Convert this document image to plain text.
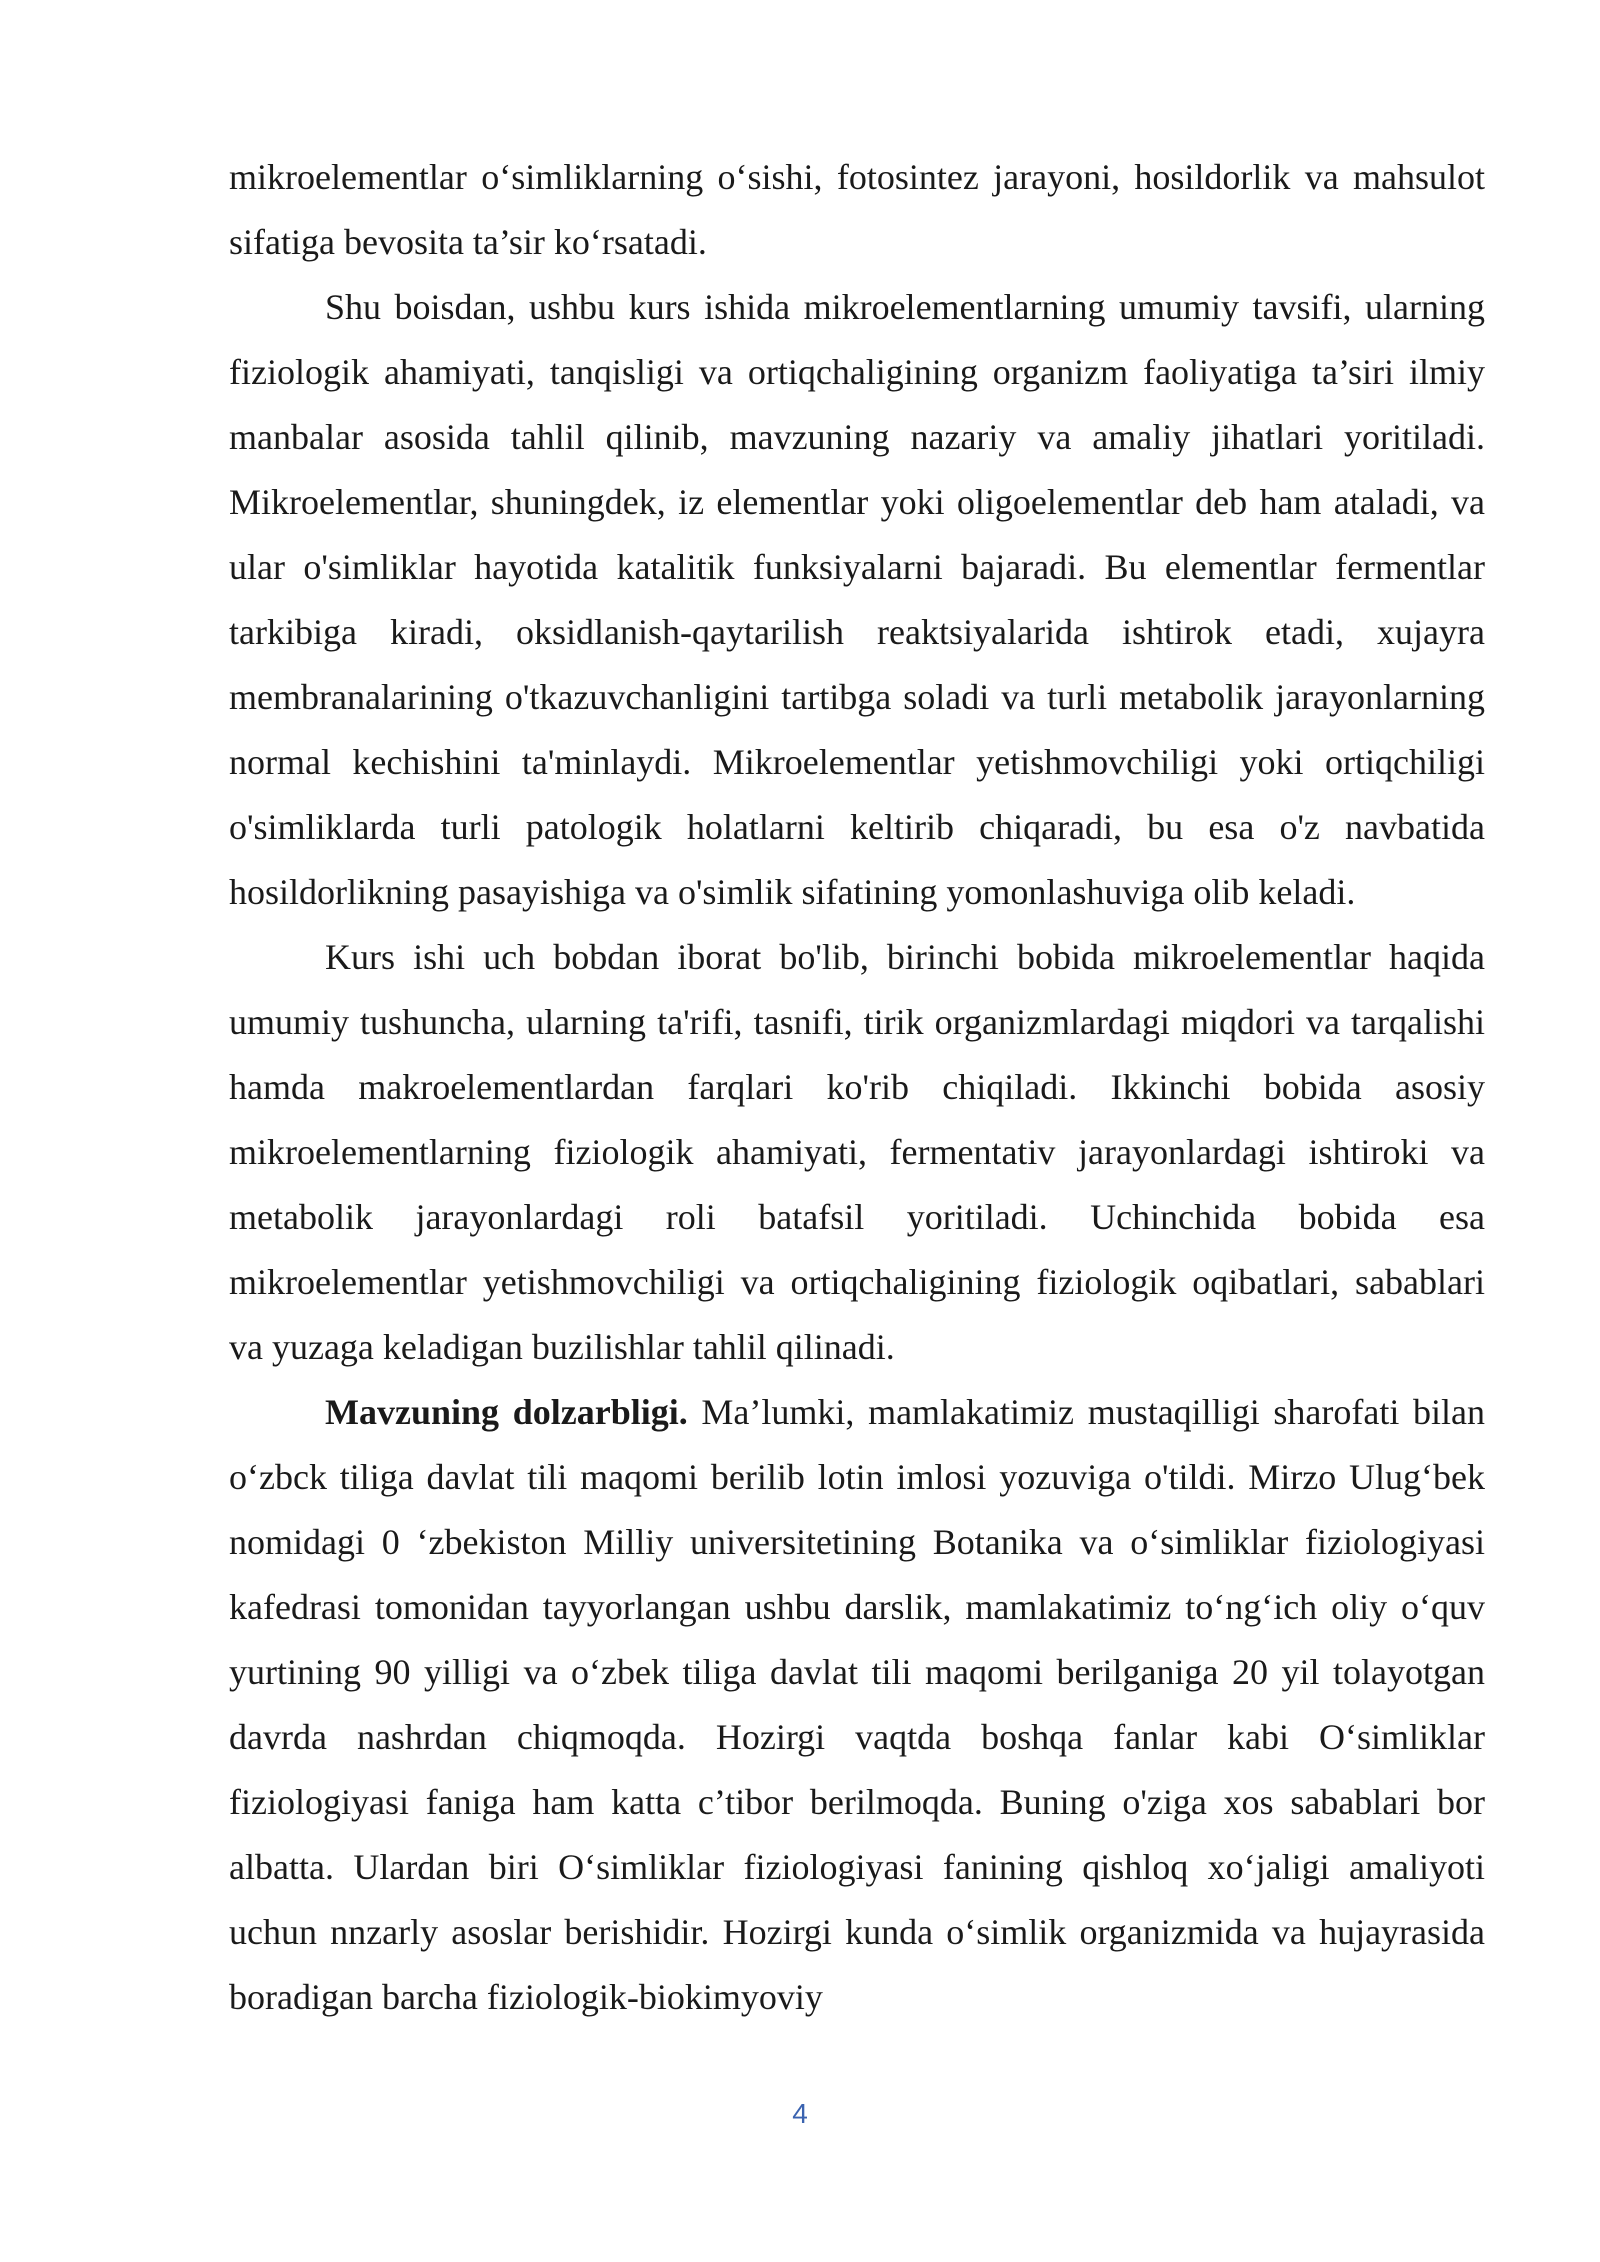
mikroelementlar o‘simliklarning o‘sishi, fotosintez jarayoni, hosildorlik va mahsulot sifatiga bevosita ta’sir ko‘rsatadi.

Shu boisdan, ushbu kurs ishida mikroelementlarning umumiy tavsifi, ularning fiziologik ahamiyati, tanqisligi va ortiqchaligining organizm faoliyatiga ta’siri ilmiy manbalar asosida tahlil qilinib, mavzuning nazariy va amaliy jihatlari yoritiladi. Mikroelementlar, shuningdek, iz elementlar yoki oligoelementlar deb ham ataladi, va ular o'simliklar hayotida katalitik funksiyalarni bajaradi. Bu elementlar fermentlar tarkibiga kiradi, oksidlanish-qaytarilish reaktsiyalarida ishtirok etadi, xujayra membranalarining o'tkazuvchanligini tartibga soladi va turli metabolik jarayonlarning normal kechishini ta'minlaydi. Mikroelementlar yetishmovchiligi yoki ortiqchiligi o'simliklarda turli patologik holatlarni keltirib chiqaradi, bu esa o'z navbatida hosildorlikning pasayishiga va o'simlik sifatining yomonlashuviga olib keladi.

Kurs ishi uch bobdan iborat bo'lib, birinchi bobida mikroelementlar haqida umumiy tushuncha, ularning ta'rifi, tasnifi, tirik organizmlardagi miqdori va tarqalishi hamda makroelementlardan farqlari ko'rib chiqiladi. Ikkinchi bobida asosiy mikroelementlarning fiziologik ahamiyati, fermentativ jarayonlardagi ishtiroki va metabolik jarayonlardagi roli batafsil yoritiladi. Uchinchida bobida esa mikroelementlar yetishmovchiligi va ortiqchaligining fiziologik oqibatlari, sabablari va yuzaga keladigan buzilishlar tahlil qilinadi.

Mavzuning dolzarbligi. Ma’lumki, mamlakatimiz mustaqilligi sharofati bilan o‘zbck tiliga davlat tili maqomi berilib lotin imlosi yozuviga o'tildi. Mirzo Ulug‘bek nomidagi 0 ‘zbekiston Milliy universitetining Botanika va o‘simliklar fiziologiyasi kafedrasi tomonidan tayyorlangan ushbu darslik, mamlakatimiz to‘ng‘ich oliy o‘quv yurtining 90 yilligi va o‘zbek tiliga davlat tili maqomi berilganiga 20 yil tolayotgan davrda nashrdan chiqmoqda. Hozirgi vaqtda boshqa fanlar kabi O‘simliklar fiziologiyasi faniga ham katta c’tibor berilmoqda. Buning o'ziga xos sabablari bor albatta. Ulardan biri O‘simliklar fiziologiyasi fanining qishloq xo‘jaligi amaliyoti uchun nnzarly asoslar berishidir. Hozirgi kunda o‘simlik organizmida va hujayrasida boradigan barcha fiziologik-biokimyoviy

4
